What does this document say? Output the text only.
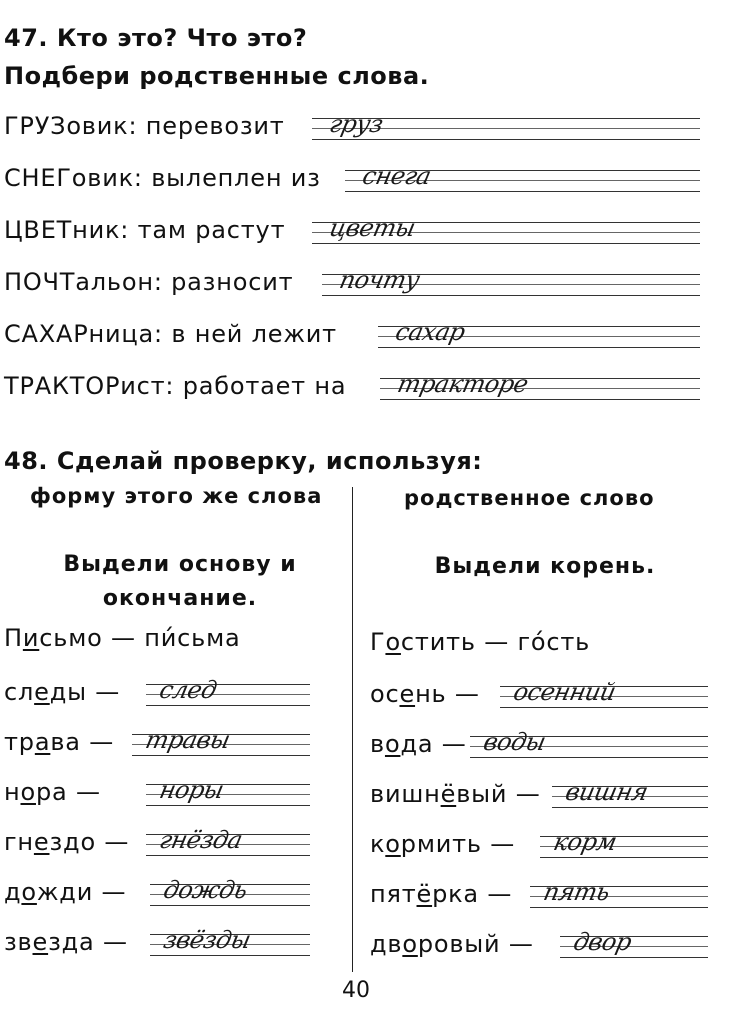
47. Кто это? Что это?
Подбери родственные слова.
ГРУЗовик: перевозит груз
СНЕГовик: вылеплен из снега
ЦВЕТник: там растут цветы
ПОЧТальон: разносит почту
САХАРница: в ней лежит сахар
ТРАКТОРист: работает на тракторе
48. Сделай проверку, используя:
форму этого же слова	родственное слово
Выдели основу и окончание.
Выдели корень.
Письмо — пи́сьма
следы — след
трава — травы
нора — норы
гнездо — гнёзда
дожди — дождь
звезда — звёзды
Гостить — го́сть
осень — осенний
вода — воды
вишнёвый — вишня
кормить — корм
пятёрка — пять
дворовый — двор
40
